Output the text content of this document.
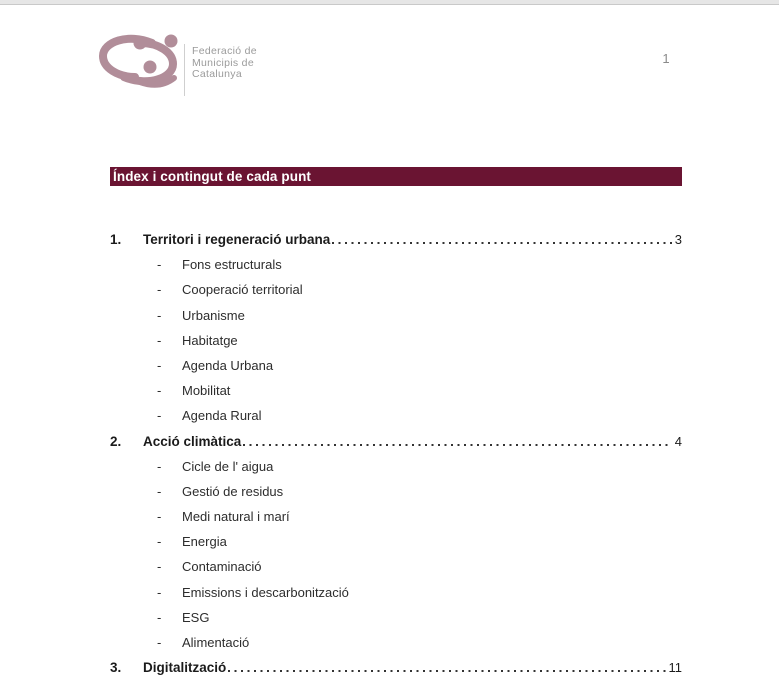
Federació de
Municipis de
Catalunya
1
Índex i contingut de cada punt
1.	Territori i regeneració urbana	3
-	Fons estructurals
-	Cooperació territorial
-	Urbanisme
-	Habitatge
-	Agenda Urbana
-	Mobilitat
-	Agenda Rural
2.	Acció climàtica	4
-	Cicle de l' aigua
-	Gestió de residus
-	Medi natural i marí
-	Energia
-	Contaminació
-	Emissions i descarbonització
-	ESG
-	Alimentació
3.	Digitalització	11
